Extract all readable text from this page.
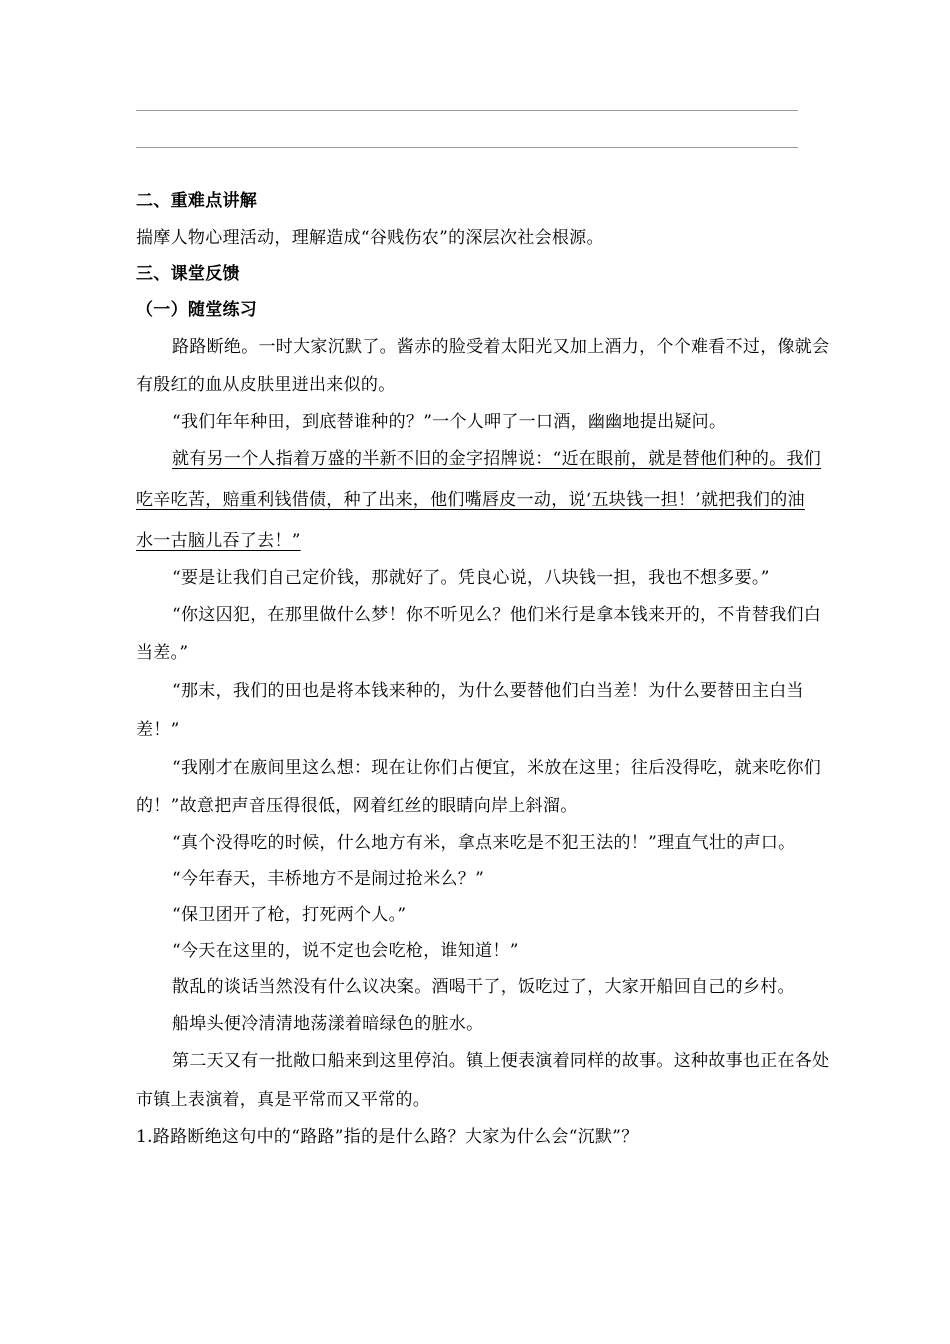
二、重难点讲解
揣摩人物心理活动，理解造成“谷贱伤农”的深层次社会根源。
三、课堂反馈
（一）随堂练习
路路断绝。一时大家沉默了。酱赤的脸受着太阳光又加上酒力，个个难看不过，像就会
有殷红的血从皮肤里迸出来似的。
“我们年年种田，到底替谁种的？”一个人呷了一口酒，幽幽地提出疑问。
就有另一个人指着万盛的半新不旧的金字招牌说：“近在眼前，就是替他们种的。我们
吃辛吃苦，赔重利钱借债，种了出来，他们嘴唇皮一动，说‘五块钱一担！’就把我们的油
水一古脑儿吞了去！”
“要是让我们自己定价钱，那就好了。凭良心说，八块钱一担，我也不想多要。”
“你这囚犯，在那里做什么梦！你不听见么？他们米行是拿本钱来开的，不肯替我们白
当差。”
“那末，我们的田也是将本钱来种的，为什么要替他们白当差！为什么要替田主白当
差！”
“我刚才在廒间里这么想：现在让你们占便宜，米放在这里；往后没得吃，就来吃你们
的！”故意把声音压得很低，网着红丝的眼睛向岸上斜溜。
“真个没得吃的时候，什么地方有米，拿点来吃是不犯王法的！”理直气壮的声口。
“今年春天，丰桥地方不是闹过抢米么？”
“保卫团开了枪，打死两个人。”
“今天在这里的，说不定也会吃枪，谁知道！”
散乱的谈话当然没有什么议决案。酒喝干了，饭吃过了，大家开船回自己的乡村。
船埠头便冷清清地荡漾着暗绿色的脏水。
第二天又有一批敞口船来到这里停泊。镇上便表演着同样的故事。这种故事也正在各处
市镇上表演着，真是平常而又平常的。
1.路路断绝这句中的“路路”指的是什么路？大家为什么会“沉默”？
